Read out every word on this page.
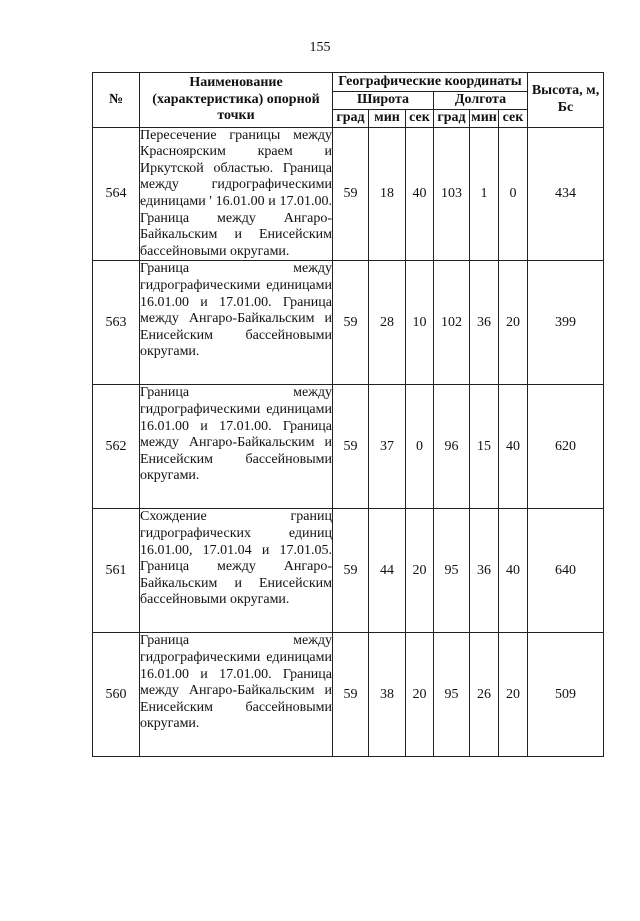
155
№	Наименование (характеристика) опорной точки	Географические координаты						Высота, м, Бс
		Широта			Долгота			
		град	мин	сек	град	мин	сек	
564	Пересечение границы между Красноярским краем и Иркутской областью. Граница между гидрографическими единицами ' 16.01.00 и 17.01.00. Граница между Ангаро-Байкальским и Енисейским бассейновыми округами.	59	18	40	103	1	0	434
563	Граница между гидрографическими единицами 16.01.00 и 17.01.00. Граница между Ангаро-Байкальским и Енисейским бассейновыми округами.	59	28	10	102	36	20	399
562	Граница между гидрографическими единицами 16.01.00 и 17.01.00. Граница между Ангаро-Байкальским и Енисейским бассейновыми округами.	59	37	0	96	15	40	620
561	Схождение границ гидрографических единиц 16.01.00, 17.01.04 и 17.01.05. Граница между Ангаро-Байкальским и Енисейским бассейновыми округами.	59	44	20	95	36	40	640
560	Граница между гидрографическими единицами 16.01.00 и 17.01.00. Граница между Ангаро-Байкальским и Енисейским бассейновыми округами.	59	38	20	95	26	20	509
